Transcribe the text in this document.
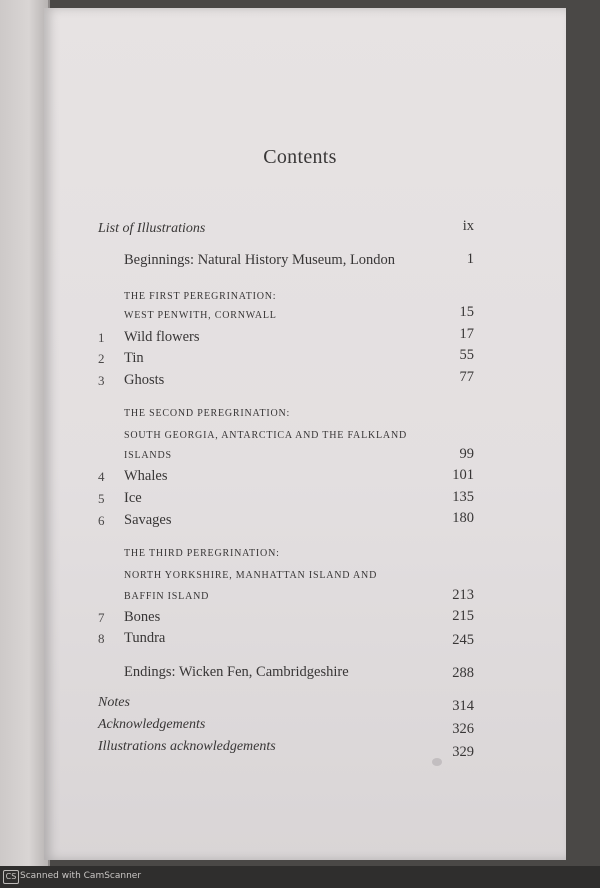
Contents
List of Illustrations	ix
Beginnings: Natural History Museum, London	1
THE FIRST PEREGRINATION:
WEST PENWITH, CORNWALL	15
1 Wild flowers	17
2 Tin	55
3 Ghosts	77
THE SECOND PEREGRINATION:
SOUTH GEORGIA, ANTARCTICA AND THE FALKLAND
ISLANDS	99
4 Whales	101
5 Ice	135
6 Savages	180
THE THIRD PEREGRINATION:
NORTH YORKSHIRE, MANHATTAN ISLAND AND
BAFFIN ISLAND	213
7 Bones	215
8 Tundra	245
Endings: Wicken Fen, Cambridgeshire	288
Notes	314
Acknowledgements	326
Illustrations acknowledgements	329
CS Scanned with CamScanner
